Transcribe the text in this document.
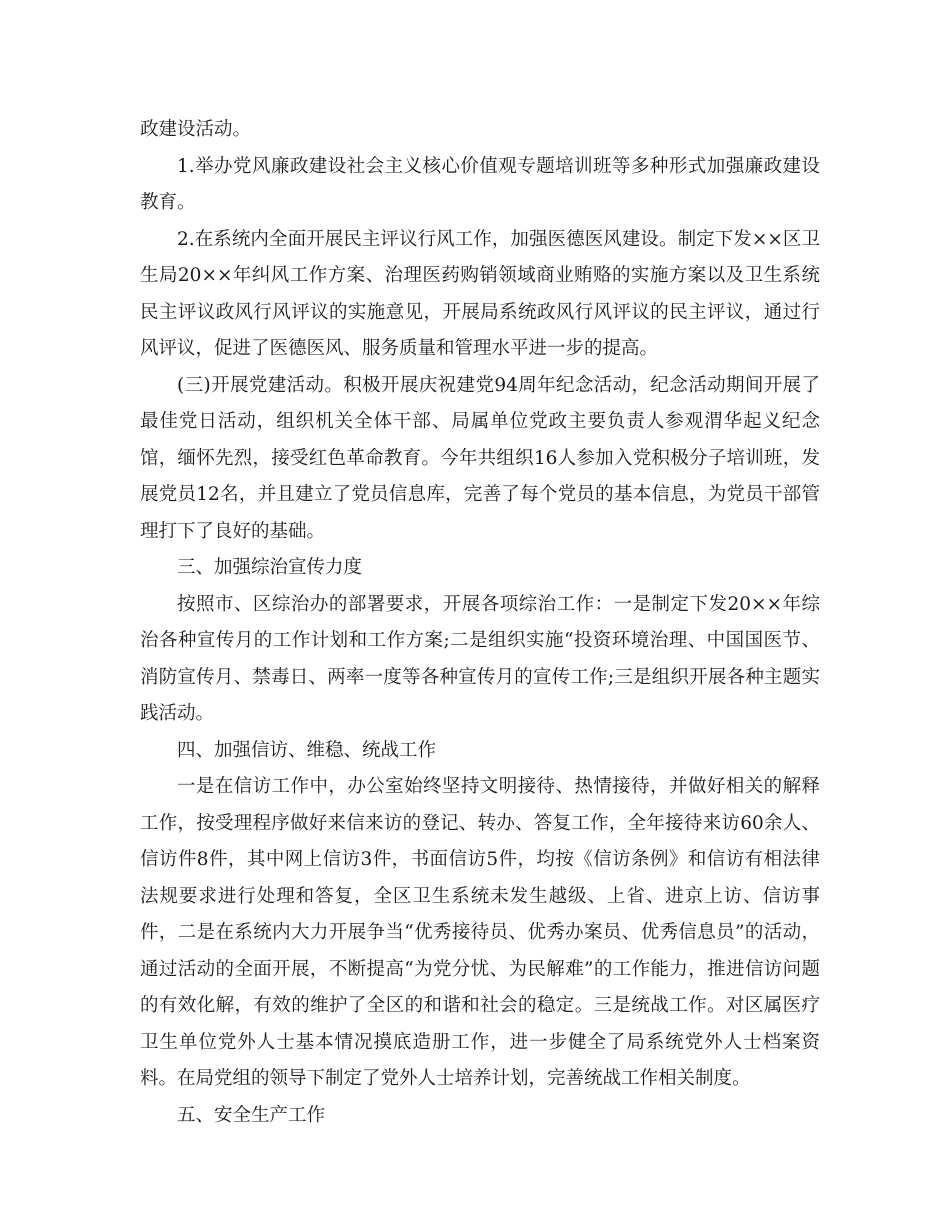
政建设活动。

1.举办党风廉政建设社会主义核心价值观专题培训班等多种形式加强廉政建设教育。

2.在系统内全面开展民主评议行风工作，加强医德医风建设。制定下发××区卫生局20××年纠风工作方案、治理医药购销领域商业贿赂的实施方案以及卫生系统民主评议政风行风评议的实施意见，开展局系统政风行风评议的民主评议，通过行风评议，促进了医德医风、服务质量和管理水平进一步的提高。

(三)开展党建活动。积极开展庆祝建党94周年纪念活动，纪念活动期间开展了最佳党日活动，组织机关全体干部、局属单位党政主要负责人参观渭华起义纪念馆，缅怀先烈，接受红色革命教育。今年共组织16人参加入党积极分子培训班，发展党员12名，并且建立了党员信息库，完善了每个党员的基本信息，为党员干部管理打下了良好的基础。

三、加强综治宣传力度

按照市、区综治办的部署要求，开展各项综治工作：一是制定下发20××年综治各种宣传月的工作计划和工作方案;二是组织实施“投资环境治理、中国国医节、消防宣传月、禁毒日、两率一度等各种宣传月的宣传工作;三是组织开展各种主题实践活动。

四、加强信访、维稳、统战工作

一是在信访工作中，办公室始终坚持文明接待、热情接待，并做好相关的解释工作，按受理程序做好来信来访的登记、转办、答复工作，全年接待来访60余人、信访件8件，其中网上信访3件，书面信访5件，均按《信访条例》和信访有相法律法规要求进行处理和答复，全区卫生系统未发生越级、上省、进京上访、信访事件，二是在系统内大力开展争当“优秀接待员、优秀办案员、优秀信息员”的活动，通过活动的全面开展，不断提高“为党分忧、为民解难”的工作能力，推进信访问题的有效化解，有效的维护了全区的和谐和社会的稳定。三是统战工作。对区属医疗卫生单位党外人士基本情况摸底造册工作，进一步健全了局系统党外人士档案资料。在局党组的领导下制定了党外人士培养计划，完善统战工作相关制度。

五、安全生产工作
